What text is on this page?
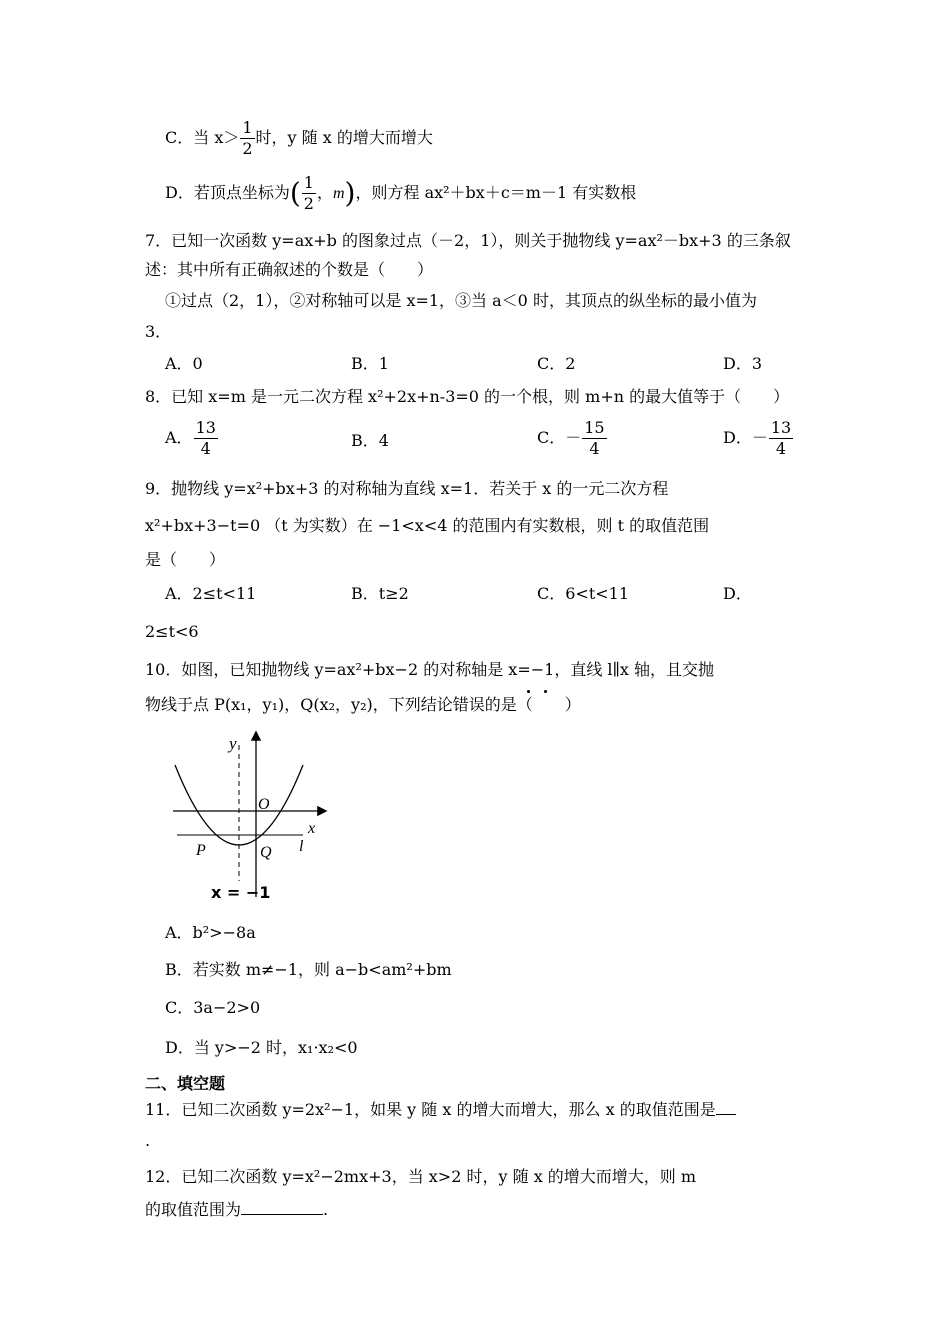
C．当 $x> \frac{1}{2}$ 时，y 随 x 的增大而增大
D．若顶点坐标为( $\frac{1}{2}$ ，m)，则方程 ax²＋bx＋c＝m－1 有实数根
7．已知一次函数 y=ax+b 的图象过点（－2，1），则关于抛物线 y=ax²－bx+3 的三条叙
述：其中所有正确叙述的个数是（　　）
①过点（2，1），②对称轴可以是 x=1，③当 a＜0 时，其顶点的纵坐标的最小值为
3．
A．0	B．1	C．2	D．3
8．已知 x=m 是一元二次方程 x²+2x+n-3=0 的一个根，则 m+n 的最大值等于（　　）
A． $\frac{13}{4}$	B．4	C．－ $\frac{15}{4}$	D．－ $\frac{13}{4}$
9．抛物线 y=x²+bx+3 的对称轴为直线 x=1．若关于 x 的一元二次方程
x²+bx+3−t=0 （t 为实数）在 −1<x<4 的范围内有实数根，则 t 的取值范围
是（　　）
A．2≤t<11	B．t≥2	C．6<t<11	D．
2≤t<6
10．如图，已知抛物线 y=ax²+bx−2 的对称轴是 x=−1，直线 l∥x 轴，且交抛
物线于点 P(x₁，y₁)，Q(x₂，y₂)，下列结论错误的是（　　）
y
x
O
P	Q l
x = −1
A．b²>−8a
B．若实数 m≠−1，则 a−b<am²+bm
C．3a−2>0
D．当 y>−2 时，x₁·x₂<0
二、填空题
11．已知二次函数 y=2x²−1，如果 y 随 x 的增大而增大，那么 x 的取值范围是
.
12．已知二次函数 y=x²−2mx+3，当 x>2 时，y 随 x 的增大而增大，则 m
的取值范围为	.
